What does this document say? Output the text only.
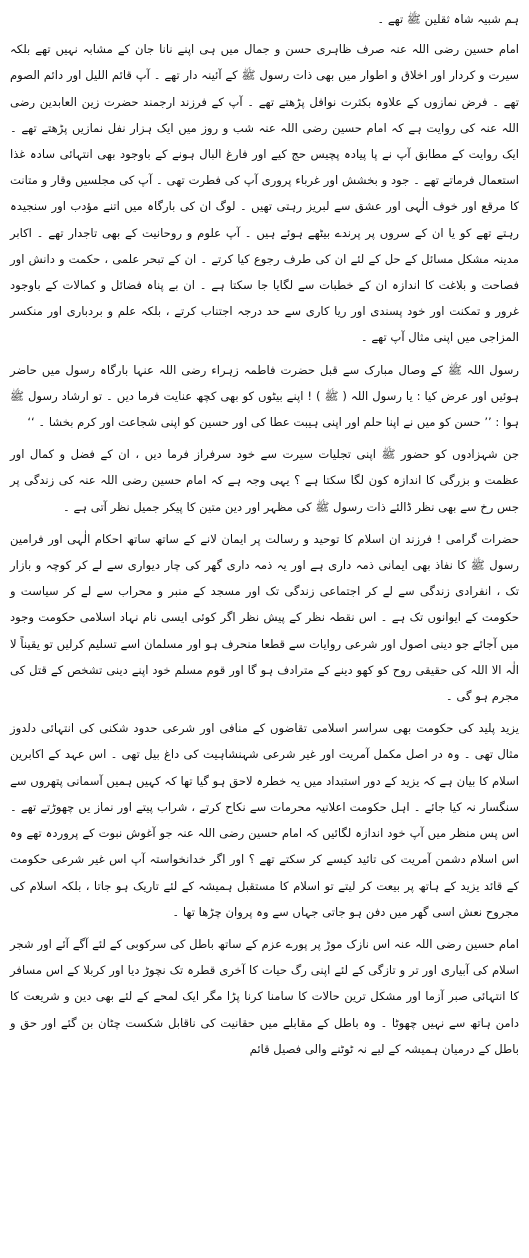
ہم شبیہ شاہ ثقلین ﷺ تھے ۔

امام حسین رضی اللہ عنہ صرف ظاہری حسن و جمال میں ہی اپنے نانا جان کے مشابہ نہیں تھے بلکہ سیرت و کردار اور اخلاق و اطوار میں بھی ذات رسول ﷺ کے آئینہ دار تھے ۔ آپ قائم اللیل اور دائم الصوم تھے ۔ فرض نمازوں کے علاوہ بکثرت نوافل پڑھتے تھے ۔ آپ کے فرزند ارجمند حضرت زین العابدین رضی اللہ عنہ کی روایت ہے کہ امام حسین رضی اللہ عنہ شب و روز میں ایک ہزار نفل نمازیں پڑھتے تھے ۔ ایک روایت کے مطابق آپ نے پا پیادہ پچیس حج کیے اور فارغ البال ہونے کے باوجود بھی انتہائی سادہ غذا استعمال فرماتے تھے ۔ جود و بخشش اور غرباء پروری آپ کی فطرت تھی ۔ آپ کی مجلسیں وقار و متانت کا مرقع اور خوف الٰہی اور عشق سے لبریز رہتی تھیں ۔ لوگ ان کی بارگاہ میں اتنے مؤدب اور سنجیدہ رہتے تھے کو یا ان کے سروں پر پرندے بیٹھے ہوئے ہیں ۔ آپ علوم و روحانیت کے بھی تاجدار تھے ۔ اکابر مدینہ مشکل مسائل کے حل کے لئے ان کی طرف رجوع کیا کرتے ۔ ان کے تبحر علمی ، حکمت و دانش اور فصاحت و بلاغت کا اندازہ ان کے خطبات سے لگایا جا سکتا ہے ۔ ان بے پناہ فضائل و کمالات کے باوجود غرور و تمکنت اور خود پسندی اور ریا کاری سے حد درجہ اجتناب کرتے ، بلکہ علم و بردباری اور منکسر المزاجی میں اپنی مثال آپ تھے ۔

رسول اللہ ﷺ کے وصال مبارک سے قبل حضرت فاطمہ زہراء رضی اللہ عنہا بارگاہ رسول میں حاضر ہوئیں اور عرض کیا : یا رسول اللہ ( ﷺ ) ! اپنے بیٹوں کو بھی کچھ عنایت فرما دیں ۔ تو ارشاد رسول ﷺ ہوا : ’’ حسن کو میں نے اپنا حلم اور اپنی ہیبت عطا کی اور حسین کو اپنی شجاعت اور کرم بخشا ۔ ‘‘

جن شہزادوں کو حضور ﷺ اپنی تجلیات سیرت سے خود سرفراز فرما دیں ، ان کے فضل و کمال اور عظمت و بزرگی کا اندازہ کون لگا سکتا ہے ؟ یہی وجہ ہے کہ امام حسین رضی اللہ عنہ کی زندگی پر جس رخ سے بھی نظر ڈالئے ذات رسول ﷺ کی مظہر اور دین متین کا پیکر جمیل نظر آتی ہے ۔

حضرات گرامی ! فرزند ان اسلام کا توحید و رسالت پر ایمان لانے کے ساتھ ساتھ احکام الٰہی اور فرامین رسول ﷺ کا نفاذ بھی ایمانی ذمہ داری ہے اور یہ ذمہ داری گھر کی چار دیواری سے لے کر کوچہ و بازار تک ، انفرادی زندگی سے لے کر اجتماعی زندگی تک اور مسجد کے منبر و محراب سے لے کر سیاست و حکومت کے ایوانوں تک ہے ۔ اس نقطہ نظر کے پیش نظر اگر کوئی ایسی نام نہاد اسلامی حکومت وجود میں آجائے جو دینی اصول اور شرعی روایات سے قطعا منحرف ہو اور مسلمان اسے تسلیم کرلیں تو یقیناً لا الٰہ الا اللہ کی حقیقی روح کو کھو دینے کے مترادف ہو گا اور قوم مسلم خود اپنے دینی تشخص کے قتل کی مجرم ہو گی ۔

یزید پلید کی حکومت بھی سراسر اسلامی تقاضوں کے منافی اور شرعی حدود شکنی کی انتہائی دلدوز مثال تھی ۔ وہ در اصل مکمل آمریت اور غیر شرعی شہنشاہیت کی داغ بیل تھی ۔ اس عہد کے اکابرین اسلام کا بیان ہے کہ یزید کے دور استبداد میں یہ خطرہ لاحق ہو گیا تھا کہ کہیں ہمیں آسمانی پتھروں سے سنگسار نہ کیا جائے ۔ اہل حکومت اعلانیہ محرمات سے نکاح کرتے ، شراب پیتے اور نماز یں چھوڑتے تھے ۔ اس پس منظر میں آپ خود اندازہ لگائیں کہ امام حسین رضی اللہ عنہ جو آغوش نبوت کے پروردہ تھے وہ اس اسلام دشمن آمریت کی تائید کیسے کر سکتے تھے ؟ اور اگر خدانخواستہ آپ اس غیر شرعی حکومت کے قائد یزید کے ہاتھ پر بیعت کر لیتے تو اسلام کا مستقبل ہمیشہ کے لئے تاریک ہو جاتا ، بلکہ اسلام کی مجروح نعش اسی گھر میں دفن ہو جاتی جہاں سے وہ پروان چڑھا تھا ۔

امام حسین رضی اللہ عنہ اس نازک موڑ پر پورے عزم کے ساتھ باطل کی سرکوبی کے لئے آگے آئے اور شجر اسلام کی آبیاری اور تر و تازگی کے لئے اپنی رگ حیات کا آخری قطرہ تک نچوڑ دیا اور کربلا کے اس مسافر کا انتہائی صبر آزما اور مشکل ترین حالات کا سامنا کرنا پڑا مگر ایک لمحے کے لئے بھی دین و شریعت کا دامن ہاتھ سے نہیں چھوٹا ۔ وہ باطل کے مقابلے میں حقانیت کی ناقابل شکست چٹان بن گئے اور حق و باطل کے درمیان ہمیشہ کے لیے نہ ٹوٹنے والی فصیل قائم
